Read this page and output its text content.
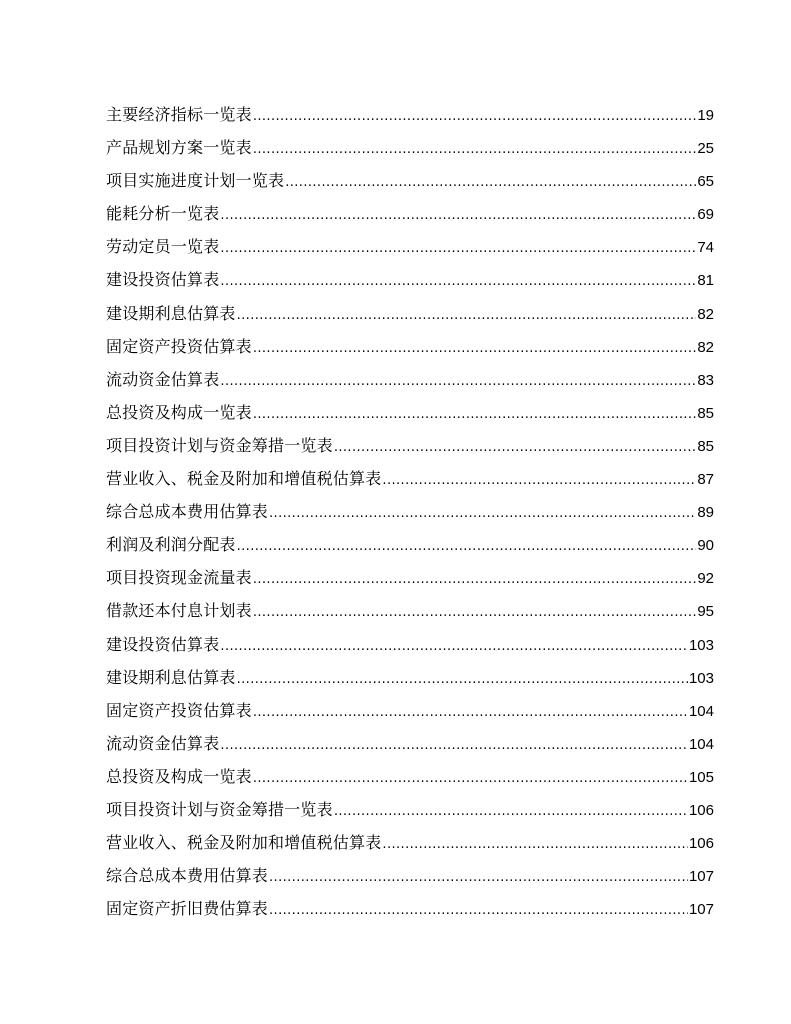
主要经济指标一览表 .....	19
产品规划方案一览表 .....	25
项目实施进度计划一览表 .....	65
能耗分析一览表 .....	69
劳动定员一览表 .....	74
建设投资估算表 .....	81
建设期利息估算表 .....	82
固定资产投资估算表 .....	82
流动资金估算表 .....	83
总投资及构成一览表 .....	85
项目投资计划与资金筹措一览表 .....	85
营业收入、税金及附加和增值税估算表 .....	87
综合总成本费用估算表 .....	89
利润及利润分配表 .....	90
项目投资现金流量表 .....	92
借款还本付息计划表 .....	95
建设投资估算表 .....	103
建设期利息估算表 .....	103
固定资产投资估算表 .....	104
流动资金估算表 .....	104
总投资及构成一览表 .....	105
项目投资计划与资金筹措一览表 .....	106
营业收入、税金及附加和增值税估算表 .....	106
综合总成本费用估算表 .....	107
固定资产折旧费估算表 .....	107
